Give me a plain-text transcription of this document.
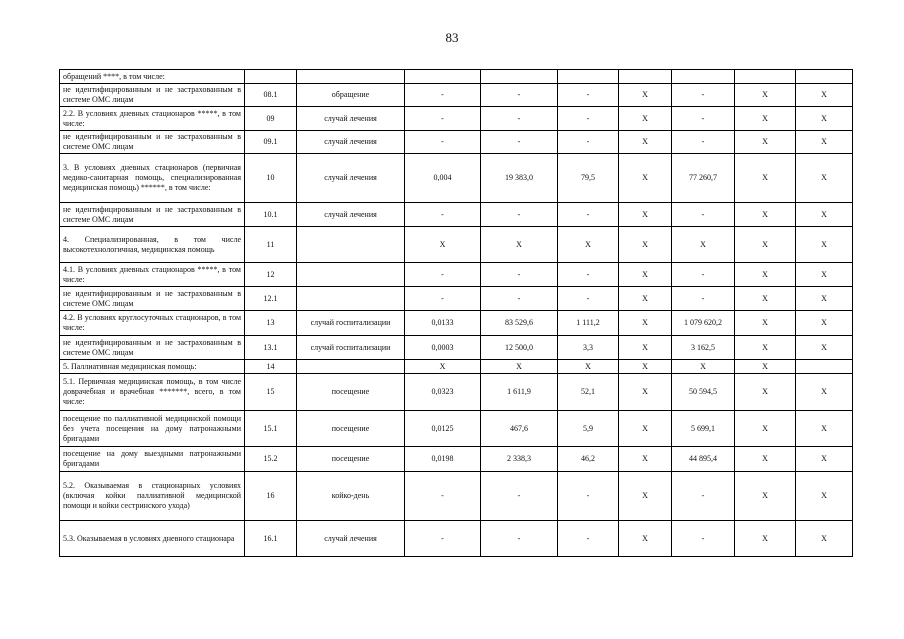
83
обращений ****, в том числе:									
не идентифицированным и не застрахованным в системе ОМС лицам	08.1	обращение	-	-	-	Х	-	Х	Х
2.2. В условиях дневных стационаров *****, в том числе:	09	случай лечения	-	-	-	Х	-	Х	Х
не идентифицированным и не застрахованным в системе ОМС лицам	09.1	случай лечения	-	-	-	Х	-	Х	Х
3. В условиях дневных стационаров (первичная медико-санитарная помощь, специализированная медицинская помощь) ******, в том числе:	10	случай лечения	0,004	19 383,0	79,5	Х	77 260,7	Х	Х
не идентифицированным и не застрахованным в системе ОМС лицам	10.1	случай лечения	-	-	-	Х	-	Х	Х
4. Специализированная, в том числе высокотехнологичная, медицинская помощь	11		Х	Х	Х	Х	Х	Х	Х
4.1. В условиях дневных стационаров *****, в том числе:	12		-	-	-	Х	-	Х	Х
не идентифицированным и не застрахованным в системе ОМС лицам	12.1		-	-	-	Х	-	Х	Х
4.2. В условиях круглосуточных стационаров, в том числе:	13	случай госпитализации	0,0133	83 529,6	1 111,2	Х	1 079 620,2	Х	Х
не идентифицированным и не застрахованным в системе ОМС лицам	13.1	случай госпитализации	0,0003	12 500,0	3,3	Х	3 162,5	Х	Х
5. Паллиативная медицинская помощь:	14		Х	Х	Х	Х	Х	Х	
5.1. Первичная медицинская помощь, в том числе доврачебная и врачебная *******, всего, в том числе:	15	посещение	0,0323	1 611,9	52,1	Х	50 594,5	Х	Х
посещение по паллиативной медицинской помощи без учета посещения на дому патронажными бригадами	15.1	посещение	0,0125	467,6	5,9	Х	5 699,1	Х	Х
посещение на дому выездными патронажными бригадами	15.2	посещение	0,0198	2 338,3	46,2	Х	44 895,4	Х	Х
5.2. Оказываемая в стационарных условиях (включая койки паллиативной медицинской помощи и койки сестринского ухода)	16	койко-день	-	-	-	Х	-	Х	Х
5.3. Оказываемая в условиях дневного стационара	16.1	случай лечения	-	-	-	Х	-	Х	Х
